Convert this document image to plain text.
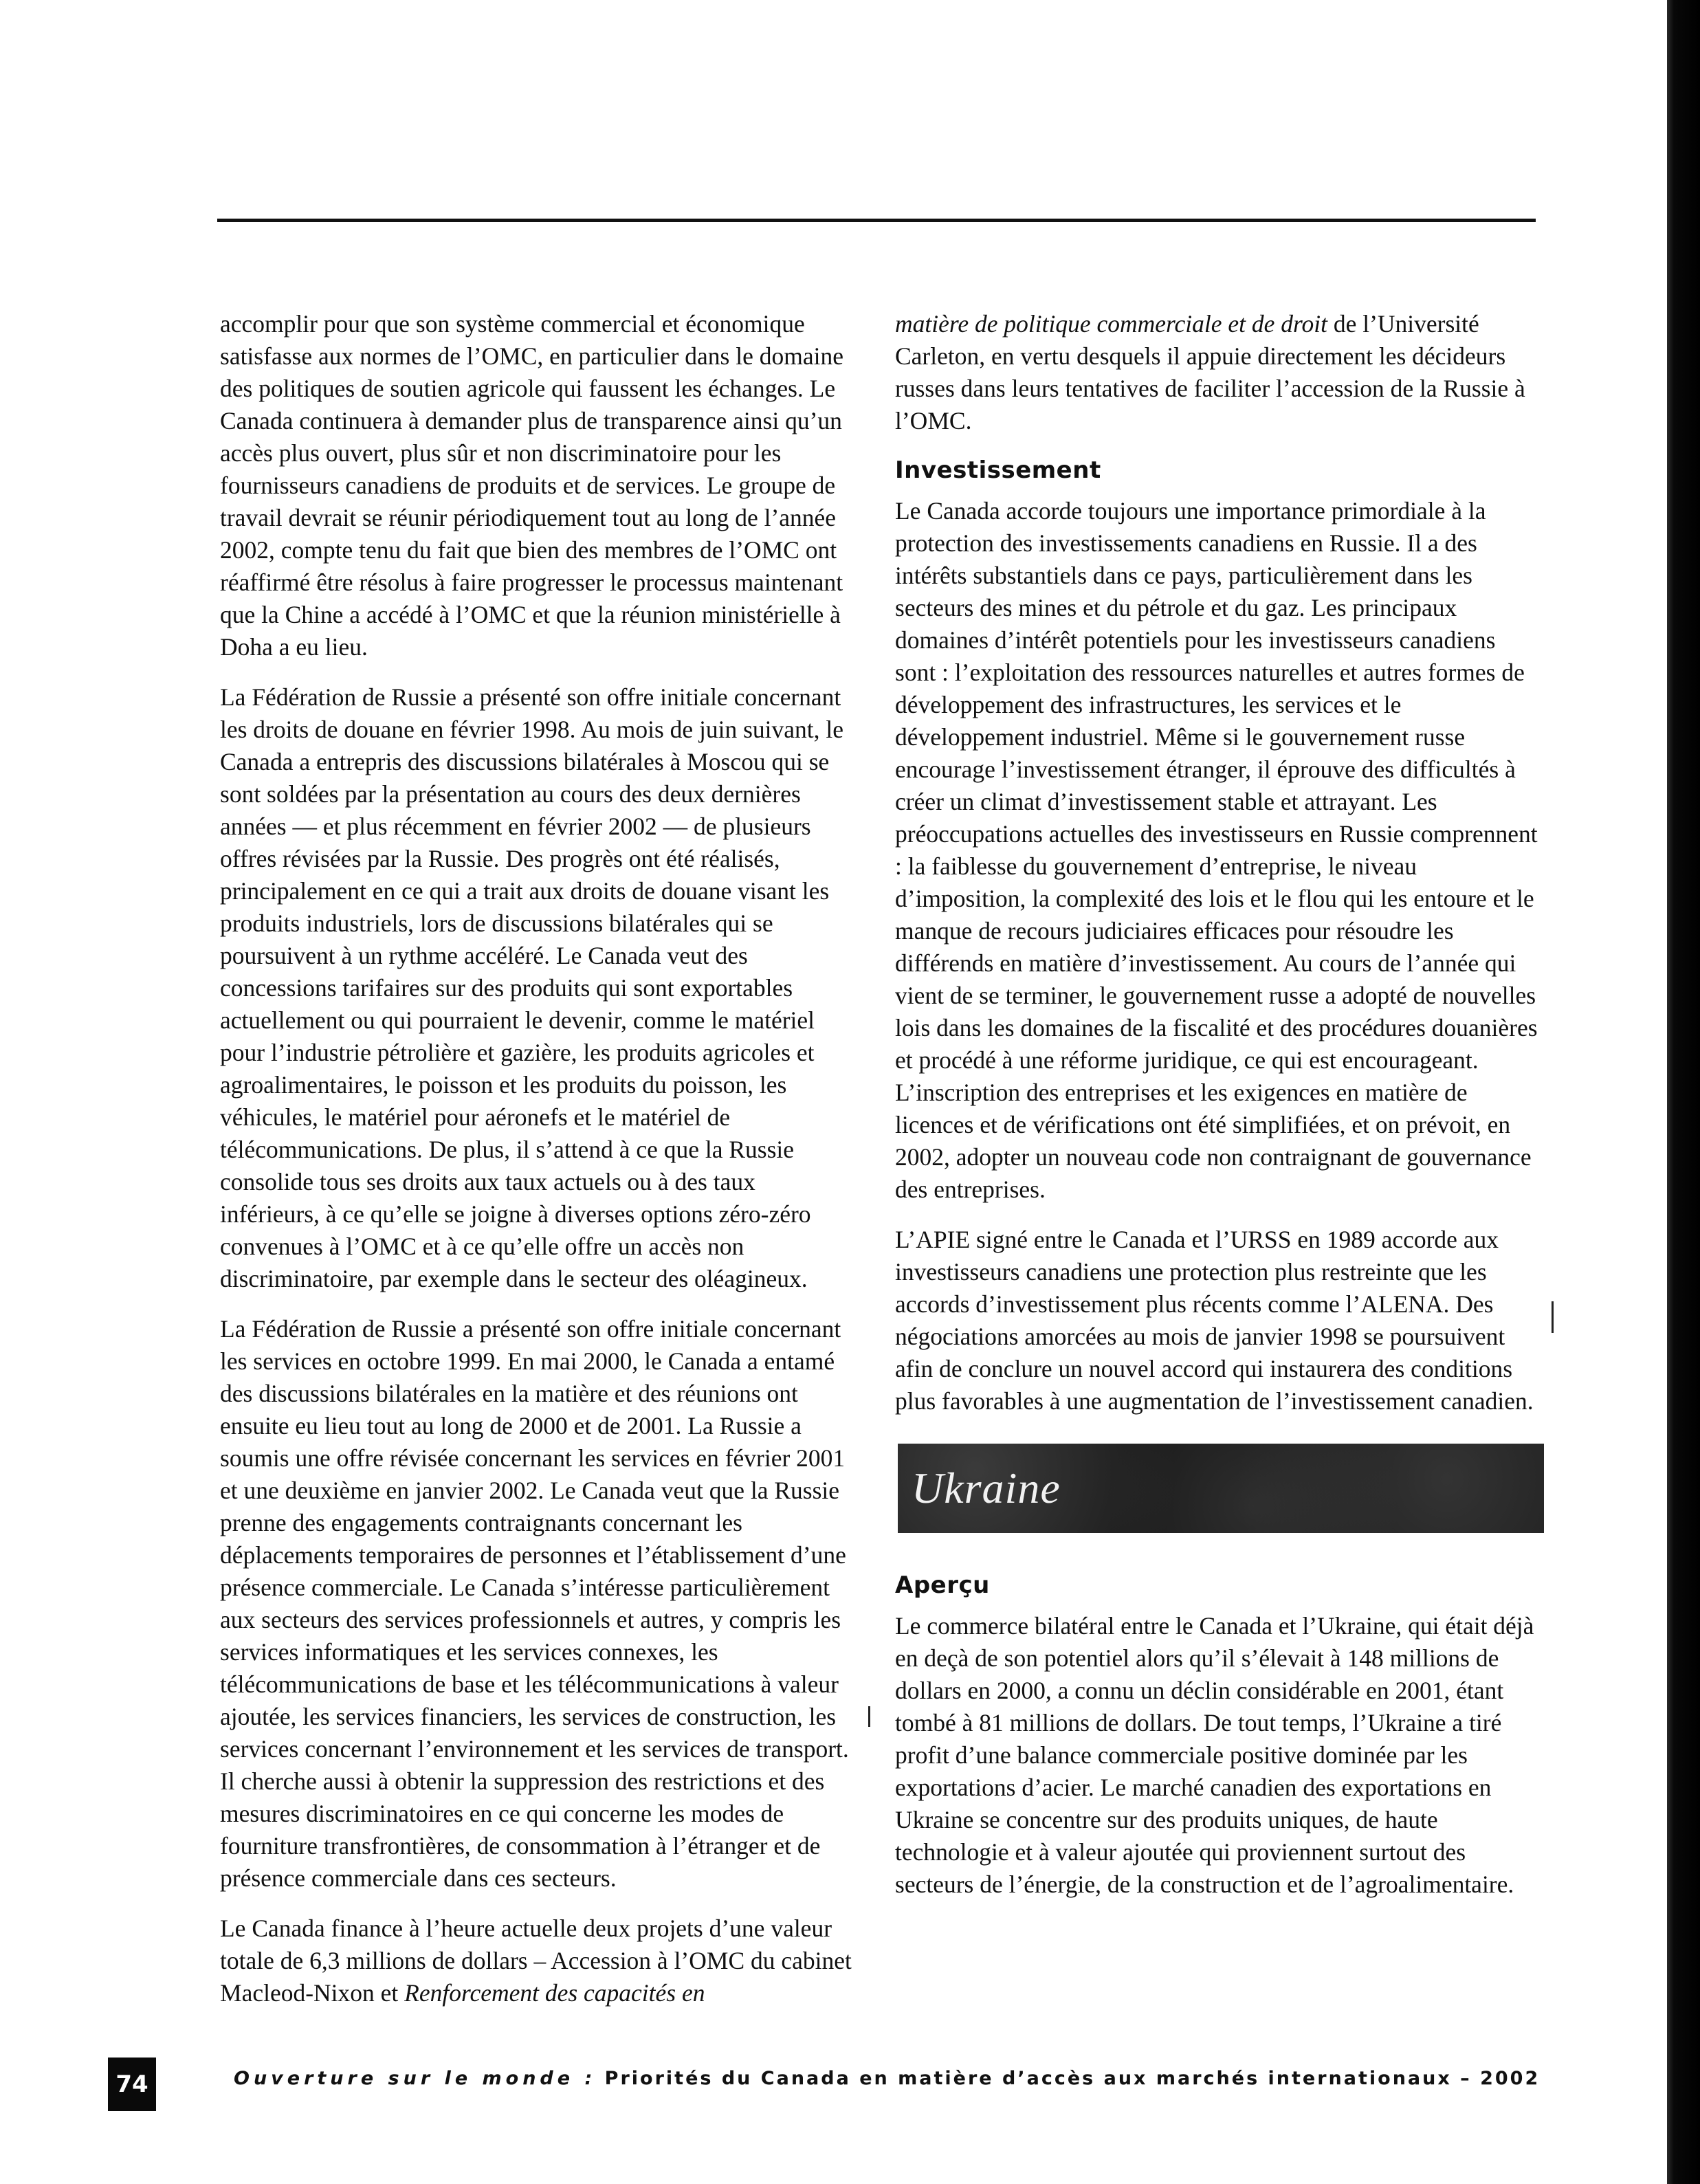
accomplir pour que son système commercial et économique satisfasse aux normes de l’OMC, en particulier dans le domaine des politiques de soutien agricole qui faussent les échanges. Le Canada continuera à demander plus de transparence ainsi qu’un accès plus ouvert, plus sûr et non discriminatoire pour les fournisseurs canadiens de produits et de services. Le groupe de travail devrait se réunir périodiquement tout au long de l’année 2002, compte tenu du fait que bien des membres de l’OMC ont réaffirmé être résolus à faire progresser le processus maintenant que la Chine a accédé à l’OMC et que la réunion ministérielle à Doha a eu lieu.

La Fédération de Russie a présenté son offre initiale concernant les droits de douane en février 1998. Au mois de juin suivant, le Canada a entrepris des discussions bilatérales à Moscou qui se sont soldées par la présentation au cours des deux dernières années — et plus récemment en février 2002 — de plusieurs offres révisées par la Russie. Des progrès ont été réalisés, principalement en ce qui a trait aux droits de douane visant les produits industriels, lors de discussions bilatérales qui se poursuivent à un rythme accéléré. Le Canada veut des concessions tarifaires sur des produits qui sont exportables actuellement ou qui pourraient le devenir, comme le matériel pour l’industrie pétrolière et gazière, les produits agricoles et agroalimentaires, le poisson et les produits du poisson, les véhicules, le matériel pour aéronefs et le matériel de télécommunications. De plus, il s’attend à ce que la Russie consolide tous ses droits aux taux actuels ou à des taux inférieurs, à ce qu’elle se joigne à diverses options zéro-zéro convenues à l’OMC et à ce qu’elle offre un accès non discriminatoire, par exemple dans le secteur des oléagineux.

La Fédération de Russie a présenté son offre initiale concernant les services en octobre 1999. En mai 2000, le Canada a entamé des discussions bilatérales en la matière et des réunions ont ensuite eu lieu tout au long de 2000 et de 2001. La Russie a soumis une offre révisée concernant les services en février 2001 et une deuxième en janvier 2002. Le Canada veut que la Russie prenne des engagements contraignants concernant les déplacements temporaires de personnes et l’établissement d’une présence commerciale. Le Canada s’intéresse particulièrement aux secteurs des services professionnels et autres, y compris les services informatiques et les services connexes, les télécommunications de base et les télécommunications à valeur ajoutée, les services financiers, les services de construction, les services concernant l’environnement et les services de transport. Il cherche aussi à obtenir la suppression des restrictions et des mesures discriminatoires en ce qui concerne les modes de fourniture transfrontières, de consommation à l’étranger et de présence commerciale dans ces secteurs.

Le Canada finance à l’heure actuelle deux projets d’une valeur totale de 6,3 millions de dollars – Accession à l’OMC du cabinet Macleod-Nixon et Renforcement des capacités en

matière de politique commerciale et de droit de l’Université Carleton, en vertu desquels il appuie directement les décideurs russes dans leurs tentatives de faciliter l’accession de la Russie à l’OMC.

Investissement

Le Canada accorde toujours une importance primordiale à la protection des investissements canadiens en Russie. Il a des intérêts substantiels dans ce pays, particulièrement dans les secteurs des mines et du pétrole et du gaz. Les principaux domaines d’intérêt potentiels pour les investisseurs canadiens sont : l’exploitation des ressources naturelles et autres formes de développement des infrastructures, les services et le développement industriel. Même si le gouvernement russe encourage l’investissement étranger, il éprouve des difficultés à créer un climat d’investissement stable et attrayant. Les préoccupations actuelles des investisseurs en Russie comprennent : la faiblesse du gouvernement d’entreprise, le niveau d’imposition, la complexité des lois et le flou qui les entoure et le manque de recours judiciaires efficaces pour résoudre les différends en matière d’investissement. Au cours de l’année qui vient de se terminer, le gouvernement russe a adopté de nouvelles lois dans les domaines de la fiscalité et des procédures douanières et procédé à une réforme juridique, ce qui est encourageant. L’inscription des entreprises et les exigences en matière de licences et de vérifications ont été simplifiées, et on prévoit, en 2002, adopter un nouveau code non contraignant de gouvernance des entreprises.

L’APIE signé entre le Canada et l’URSS en 1989 accorde aux investisseurs canadiens une protection plus restreinte que les accords d’investissement plus récents comme l’ALENA. Des négociations amorcées au mois de janvier 1998 se poursuivent afin de conclure un nouvel accord qui instaurera des conditions plus favorables à une augmentation de l’investissement canadien.

Ukraine
Aperçu

Le commerce bilatéral entre le Canada et l’Ukraine, qui était déjà en deçà de son potentiel alors qu’il s’élevait à 148 millions de dollars en 2000, a connu un déclin considérable en 2001, étant tombé à 81 millions de dollars. De tout temps, l’Ukraine a tiré profit d’une balance commerciale positive dominée par les exportations d’acier. Le marché canadien des exportations en Ukraine se concentre sur des produits uniques, de haute technologie et à valeur ajoutée qui proviennent surtout des secteurs de l’énergie, de la construction et de l’agroalimentaire.

74	Ouverture sur le monde : Priorités du Canada en matière d’accès aux marchés internationaux – 2002
